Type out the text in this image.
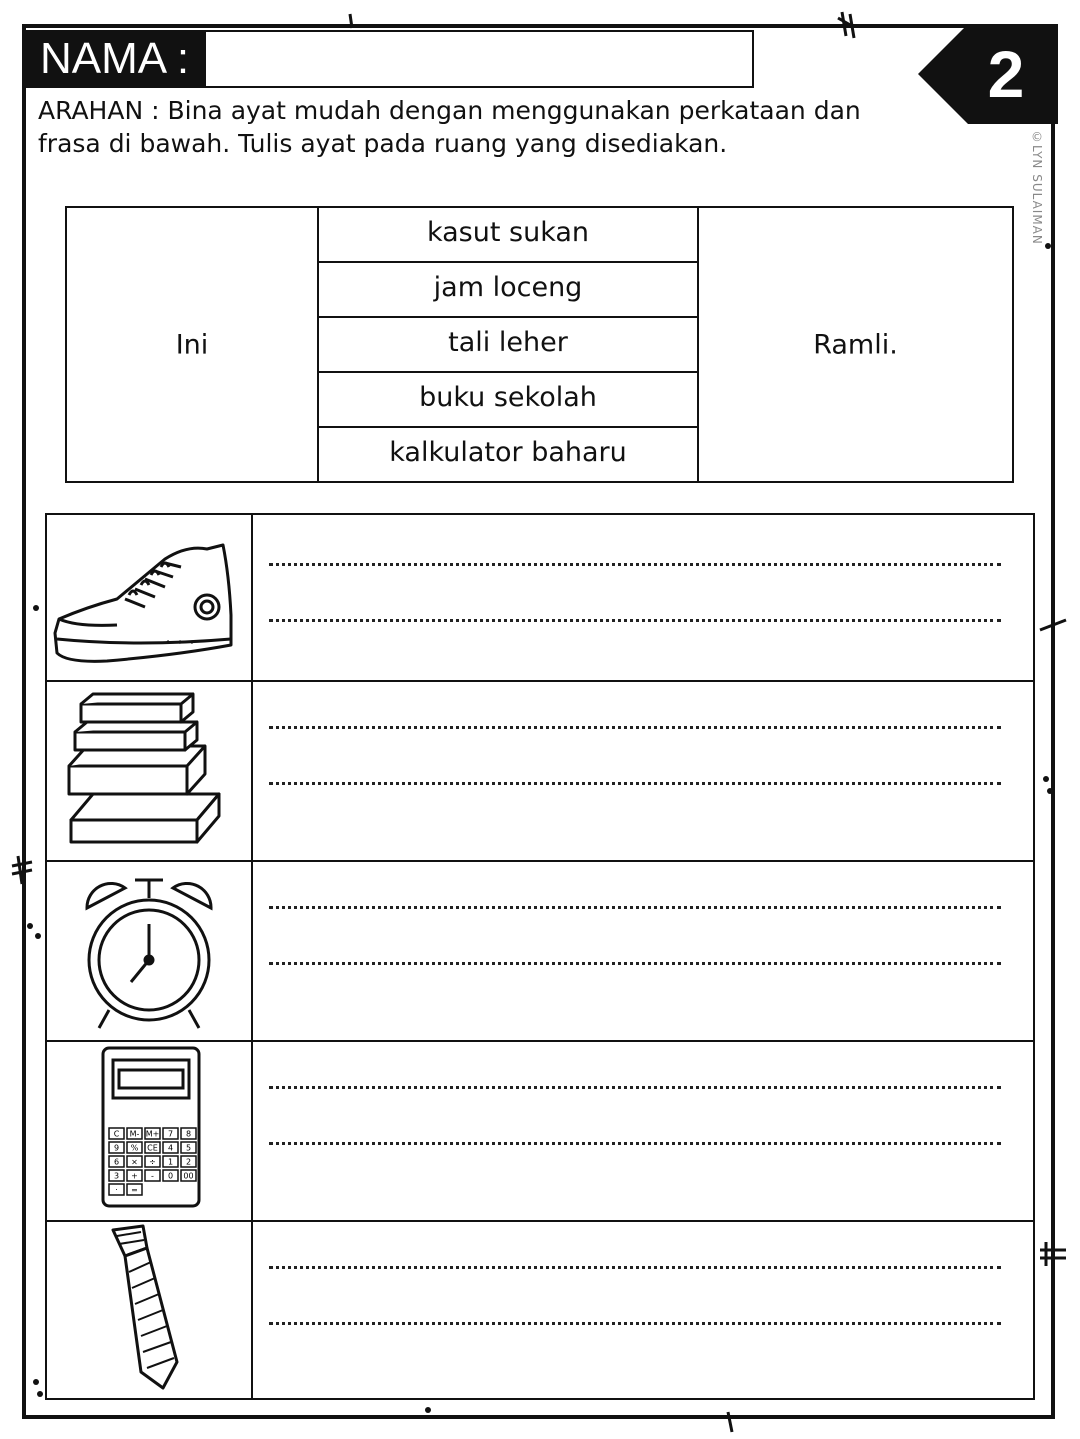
NAMA :	2
©LYN SULAIMAN
ARAHAN : Bina ayat mudah dengan menggunakan perkataan dan frasa di bawah. Tulis ayat pada ruang yang disediakan.
Ini
kasut sukan
jam loceng
tali leher
buku sekolah
kalkulator baharu
Ramli.
C M- M+ 7 8
9 % CE 4 5
6 × ÷ 1 2
3 + - 0 00
· =
